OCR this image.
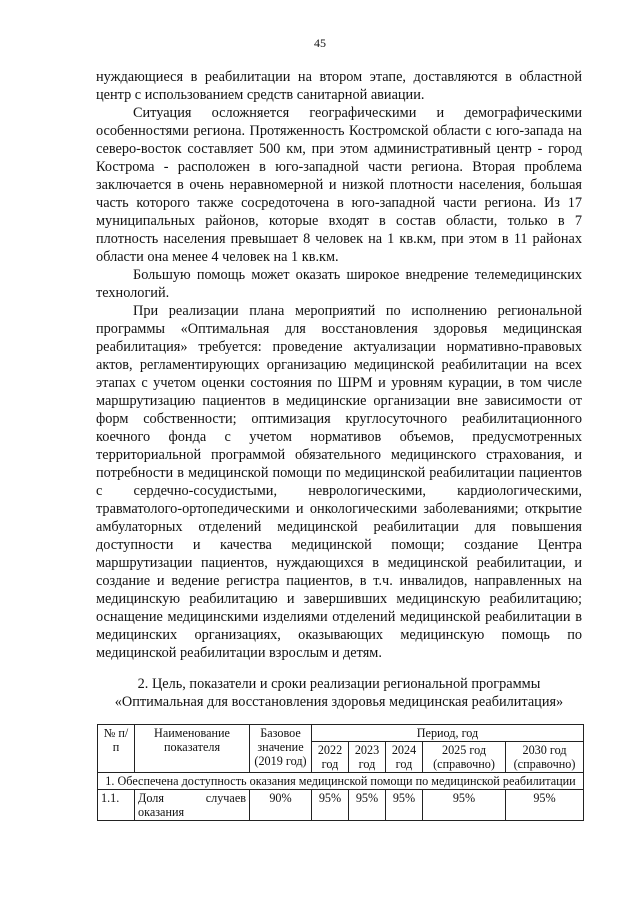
45

нуждающиеся в реабилитации на втором этапе, доставляются в областной центр с использованием средств санитарной авиации.

Ситуация осложняется географическими и демографическими особенностями региона. Протяженность Костромской области с юго-запада на северо-восток составляет 500 км, при этом административный центр - город Кострома - расположен в юго-западной части региона. Вторая проблема заключается в очень неравномерной и низкой плотности населения, большая часть которого также сосредоточена в юго-западной части региона. Из 17 муниципальных районов, которые входят в состав области, только в 7 плотность населения превышает 8 человек на 1 кв.км, при этом в 11 районах области она менее 4 человек на 1 кв.км.

Большую помощь может оказать широкое внедрение телемедицинских технологий.

При реализации плана мероприятий по исполнению региональной программы «Оптимальная для восстановления здоровья медицинская реабилитация» требуется: проведение актуализации нормативно-правовых актов, регламентирующих организацию медицинской реабилитации на всех этапах с учетом оценки состояния по ШРМ и уровням курации, в том числе маршрутизацию пациентов в медицинские организации вне зависимости от форм собственности; оптимизация круглосуточного реабилитационного коечного фонда с учетом нормативов объемов, предусмотренных территориальной программой обязательного медицинского страхования, и потребности в медицинской помощи по медицинской реабилитации пациентов с сердечно-сосудистыми, неврологическими, кардиологическими, травматолого-ортопедическими и онкологическими заболеваниями; открытие амбулаторных отделений медицинской реабилитации для повышения доступности и качества медицинской помощи; создание Центра маршрутизации пациентов, нуждающихся в медицинской реабилитации, и создание и ведение регистра пациентов, в т.ч. инвалидов, направленных на медицинскую реабилитацию и завершивших медицинскую реабилитацию; оснащение медицинскими изделиями отделений медицинской реабилитации в медицинских организациях, оказывающих медицинскую помощь по медицинской реабилитации взрослым и детям.

2. Цель, показатели и сроки реализации региональной программы
«Оптимальная для восстановления здоровья медицинская реабилитация»
№ п/п	Наименование показателя	Базовое значение (2019 год)	Период, год				
			2022 год	2023 год	2024 год	2025 год (справочно)	2030 год (справочно)
1. Обеспечена доступность оказания медицинской помощи по медицинской реабилитации							
1.1.	Доля случаев оказания	90%	95%	95%	95%	95%	95%
